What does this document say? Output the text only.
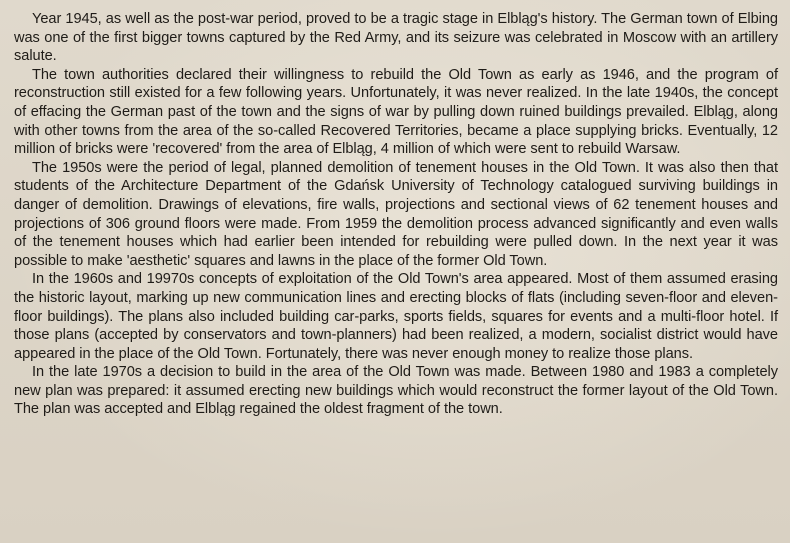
Year 1945, as well as the post-war period, proved to be a tragic stage in Elbląg's history. The German town of Elbing was one of the first bigger towns captured by the Red Army, and its seizure was celebrated in Moscow with an artillery salute.

The town authorities declared their willingness to rebuild the Old Town as early as 1946, and the program of reconstruction still existed for a few following years. Unfortunately, it was never realized. In the late 1940s, the concept of effacing the German past of the town and the signs of war by pulling down ruined buildings prevailed. Elbląg, along with other towns from the area of the so-called Recovered Territories, became a place supplying bricks. Eventually, 12 million of bricks were 'recovered' from the area of Elbląg, 4 million of which were sent to rebuild Warsaw.

The 1950s were the period of legal, planned demolition of tenement houses in the Old Town. It was also then that students of the Architecture Department of the Gdańsk University of Technology catalogued surviving buildings in danger of demolition. Drawings of elevations, fire walls, projections and sectional views of 62 tenement houses and projections of 306 ground floors were made. From 1959 the demolition process advanced significantly and even walls of the tenement houses which had earlier been intended for rebuilding were pulled down. In the next year it was possible to make 'aesthetic' squares and lawns in the place of the former Old Town.

In the 1960s and 19970s concepts of exploitation of the Old Town's area appeared. Most of them assumed erasing the historic layout, marking up new communication lines and erecting blocks of flats (including seven-floor and eleven-floor buildings). The plans also included building car-parks, sports fields, squares for events and a multi-floor hotel. If those plans (accepted by conservators and town-planners) had been realized, a modern, socialist district would have appeared in the place of the Old Town. Fortunately, there was never enough money to realize those plans.

In the late 1970s a decision to build in the area of the Old Town was made. Between 1980 and 1983 a completely new plan was prepared: it assumed erecting new buildings which would reconstruct the former layout of the Old Town. The plan was accepted and Elbląg regained the oldest fragment of the town.
